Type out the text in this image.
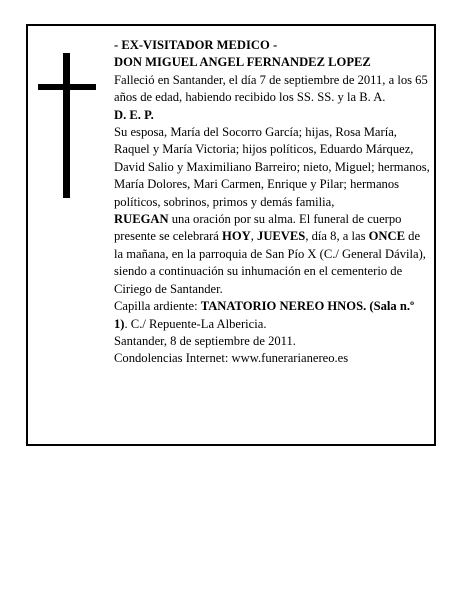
- EX-VISITADOR MEDICO -

DON MIGUEL ANGEL FERNANDEZ LOPEZ

Falleció en Santander, el día 7 de septiembre de 2011, a los 65 años de edad, habiendo recibido los SS. SS. y la B. A.

D. E. P.

Su esposa, María del Socorro García; hijas, Rosa María, Raquel y María Victoria; hijos políticos, Eduardo Márquez, David Salio y Maximiliano Barreiro; nieto, Miguel; hermanos, María Dolores, Mari Carmen, Enrique y Pilar; hermanos políticos, sobrinos, primos y demás familia,

RUEGAN una oración por su alma. El funeral de cuerpo presente se celebrará HOY, JUEVES, día 8, a las ONCE de la mañana, en la parroquia de San Pío X (C./ General Dávila), siendo a continuación su inhumación en el cementerio de Ciriego de Santander.

Capilla ardiente: TANATORIO NEREO HNOS. (Sala n.º 1). C./ Repuente-La Albericia.

Santander, 8 de septiembre de 2011.

Condolencias Internet: www.funerarianereo.es
